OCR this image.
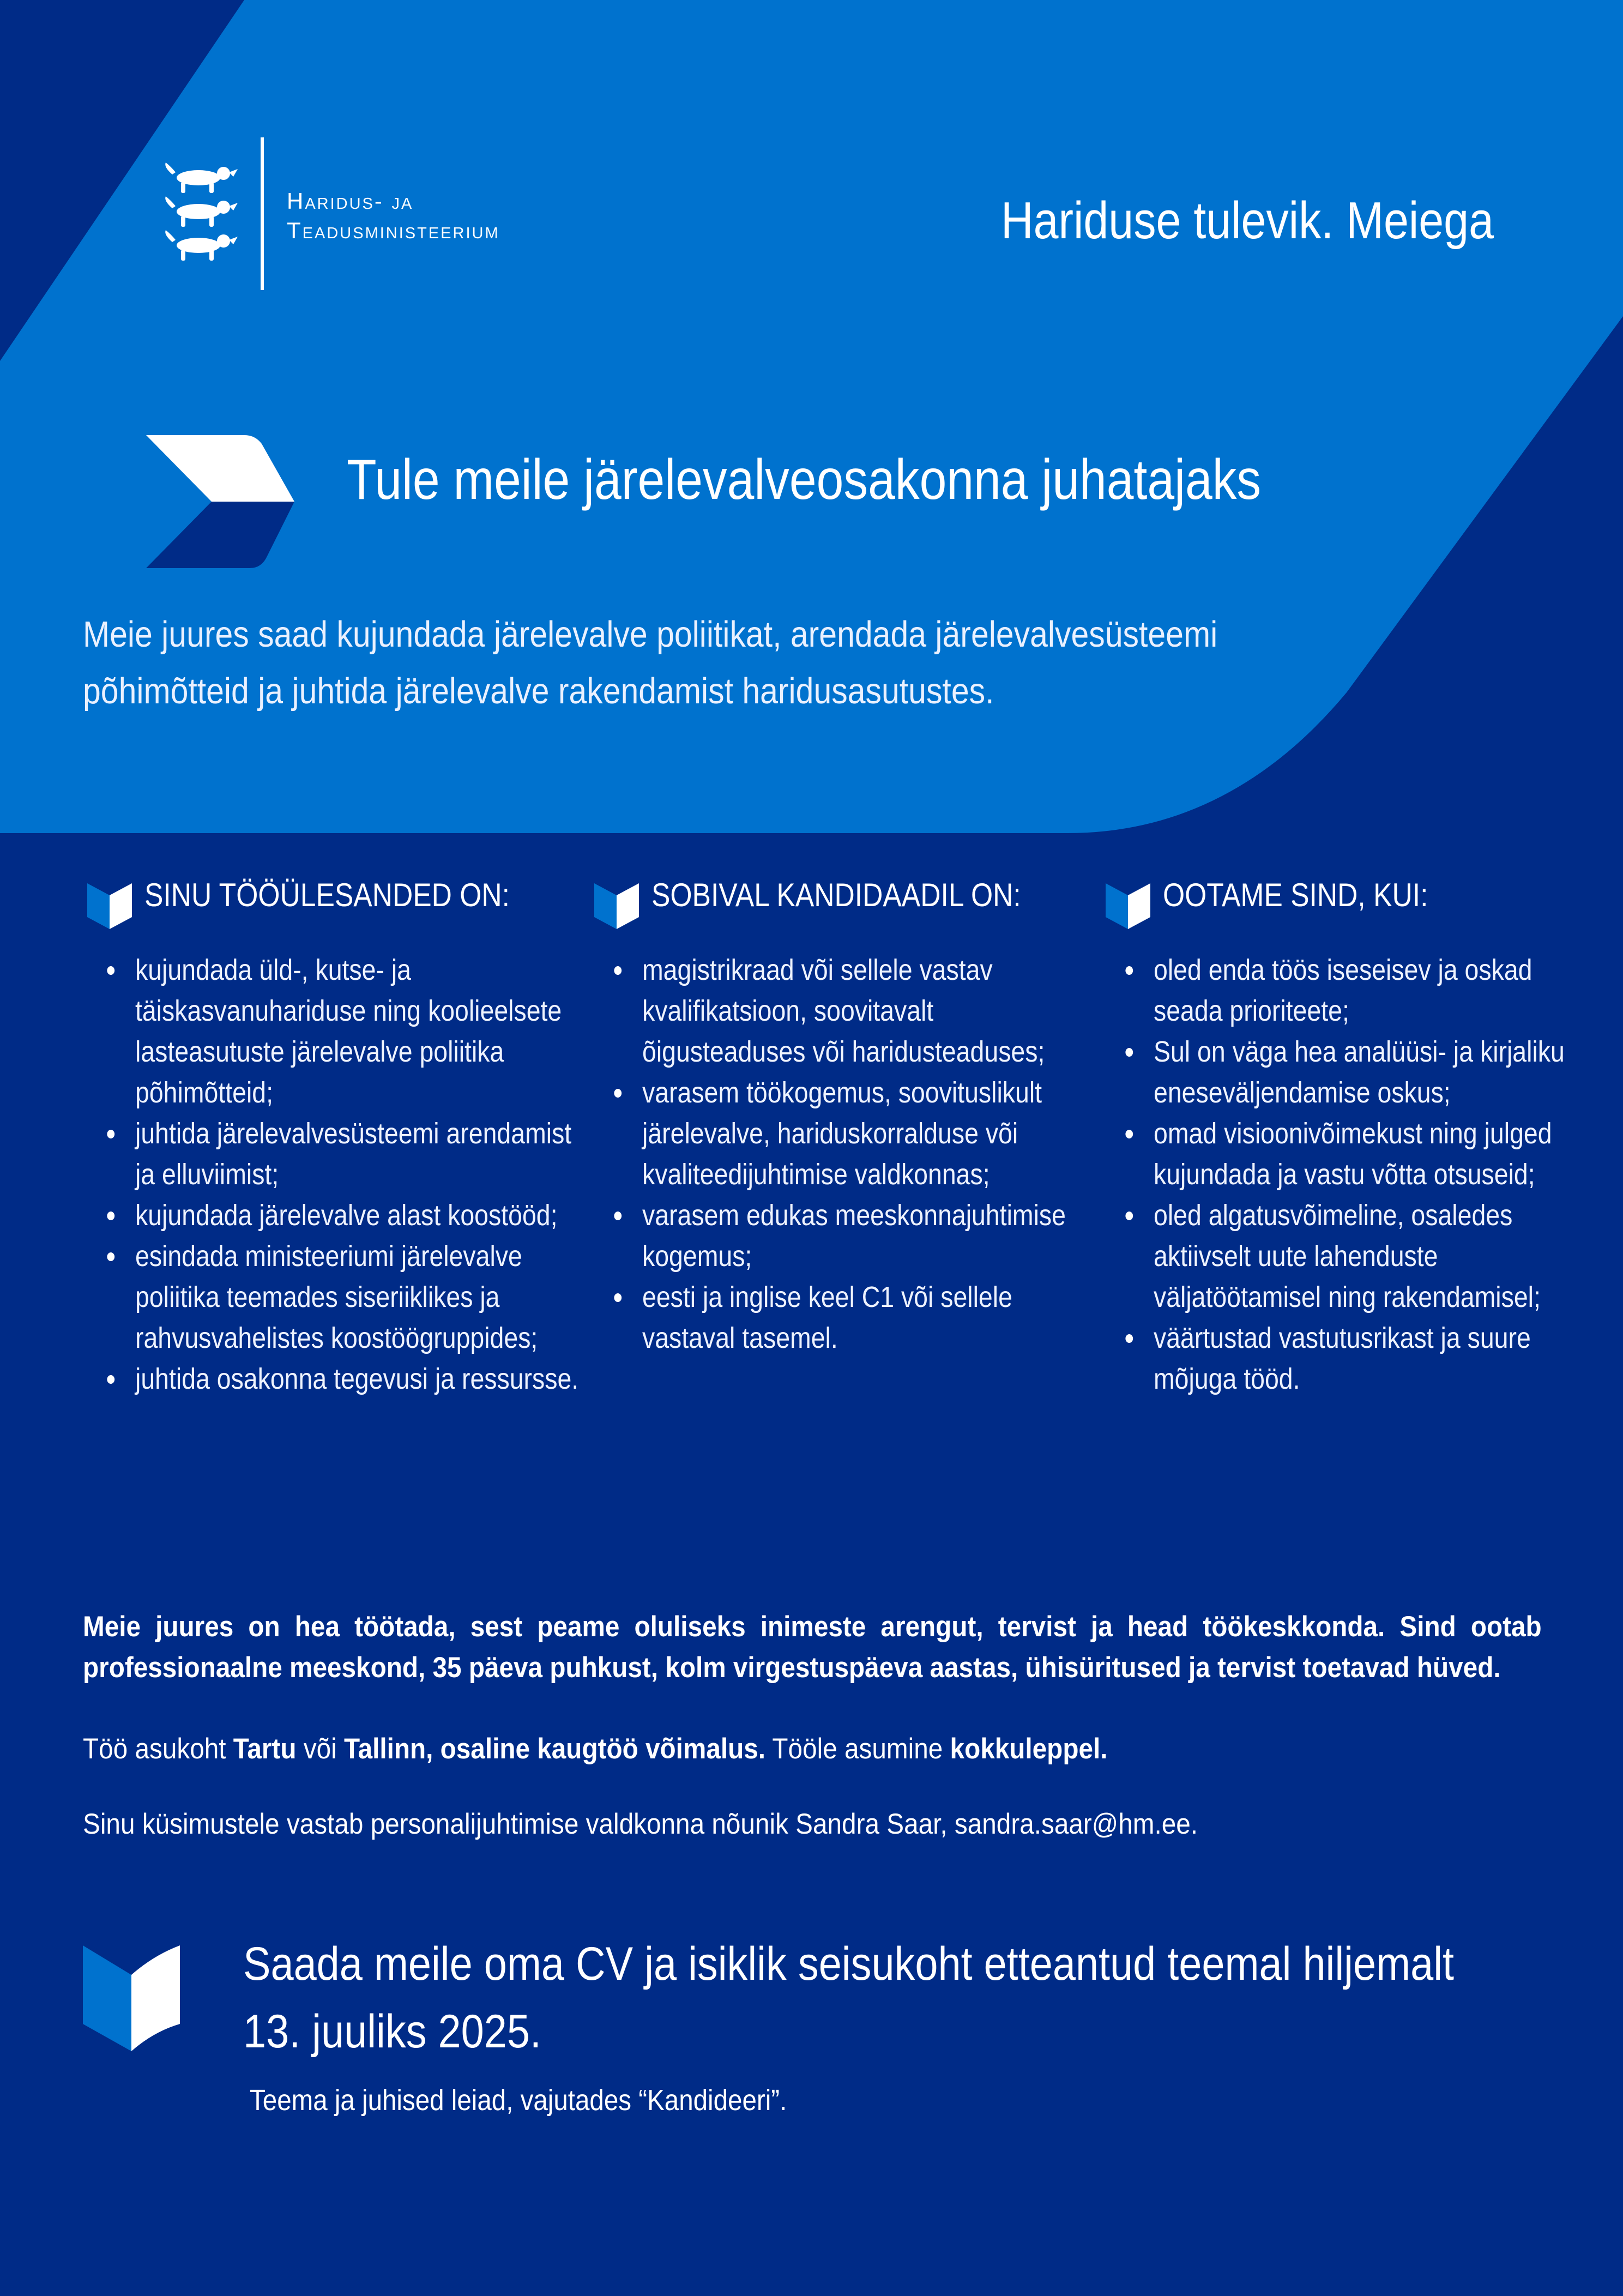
Haridus- ja
Teadusministeerium	Hariduse tulevik. Meiega
Tule meile järelevalveosakonna juhatajaks
Meie juures saad kujundada järelevalve poliitikat, arendada järelevalvesüsteemi põhimõtteid ja juhtida järelevalve rakendamist haridusasutustes.
SINU TÖÖÜLESANDED ON:
kujundada üld-, kutse- ja täiskasvanuhariduse ning koolieelsete lasteasutuste järelevalve poliitika põhimõtteid;
juhtida järelevalvesüsteemi arendamist ja elluviimist;
kujundada järelevalve alast koostööd;
esindada ministeeriumi järelevalve poliitika teemades siseriiklikes ja rahvusvahelistes koostöögruppides;
juhtida osakonna tegevusi ja ressursse.
SOBIVAL KANDIDAADIL ON:
magistrikraad või sellele vastav kvalifikatsioon, soovitavalt õigusteaduses või haridusteaduses;
varasem töökogemus, soovituslikult järelevalve, hariduskorralduse või kvaliteedijuhtimise valdkonnas;
varasem edukas meeskonnajuhtimise kogemus;
eesti ja inglise keel C1 või sellele vastaval tasemel.
OOTAME SIND, KUI:
oled enda töös iseseisev ja oskad seada prioriteete;
Sul on väga hea analüüsi- ja kirjaliku eneseväljendamise oskus;
omad visioonivõimekust ning julged kujundada ja vastu võtta otsuseid;
oled algatusvõimeline, osaledes aktiivselt uute lahenduste väljatöötamisel ning rakendamisel;
väärtustad vastutusrikast ja suure mõjuga tööd.
Meie juures on hea töötada, sest peame oluliseks inimeste arengut, tervist ja head töökeskkonda. Sind ootab professionaalne meeskond, 35 päeva puhkust, kolm virgestuspäeva aastas, ühisüritused ja tervist toetavad hüved.
Töö asukoht Tartu või Tallinn, osaline kaugtöö võimalus. Tööle asumine kokkuleppel.
Sinu küsimustele vastab personalijuhtimise valdkonna nõunik Sandra Saar, sandra.saar@hm.ee.
Saada meile oma CV ja isiklik seisukoht etteantud teemal hiljemalt 13. juuliks 2025.
Teema ja juhised leiad, vajutades “Kandideeri”.
